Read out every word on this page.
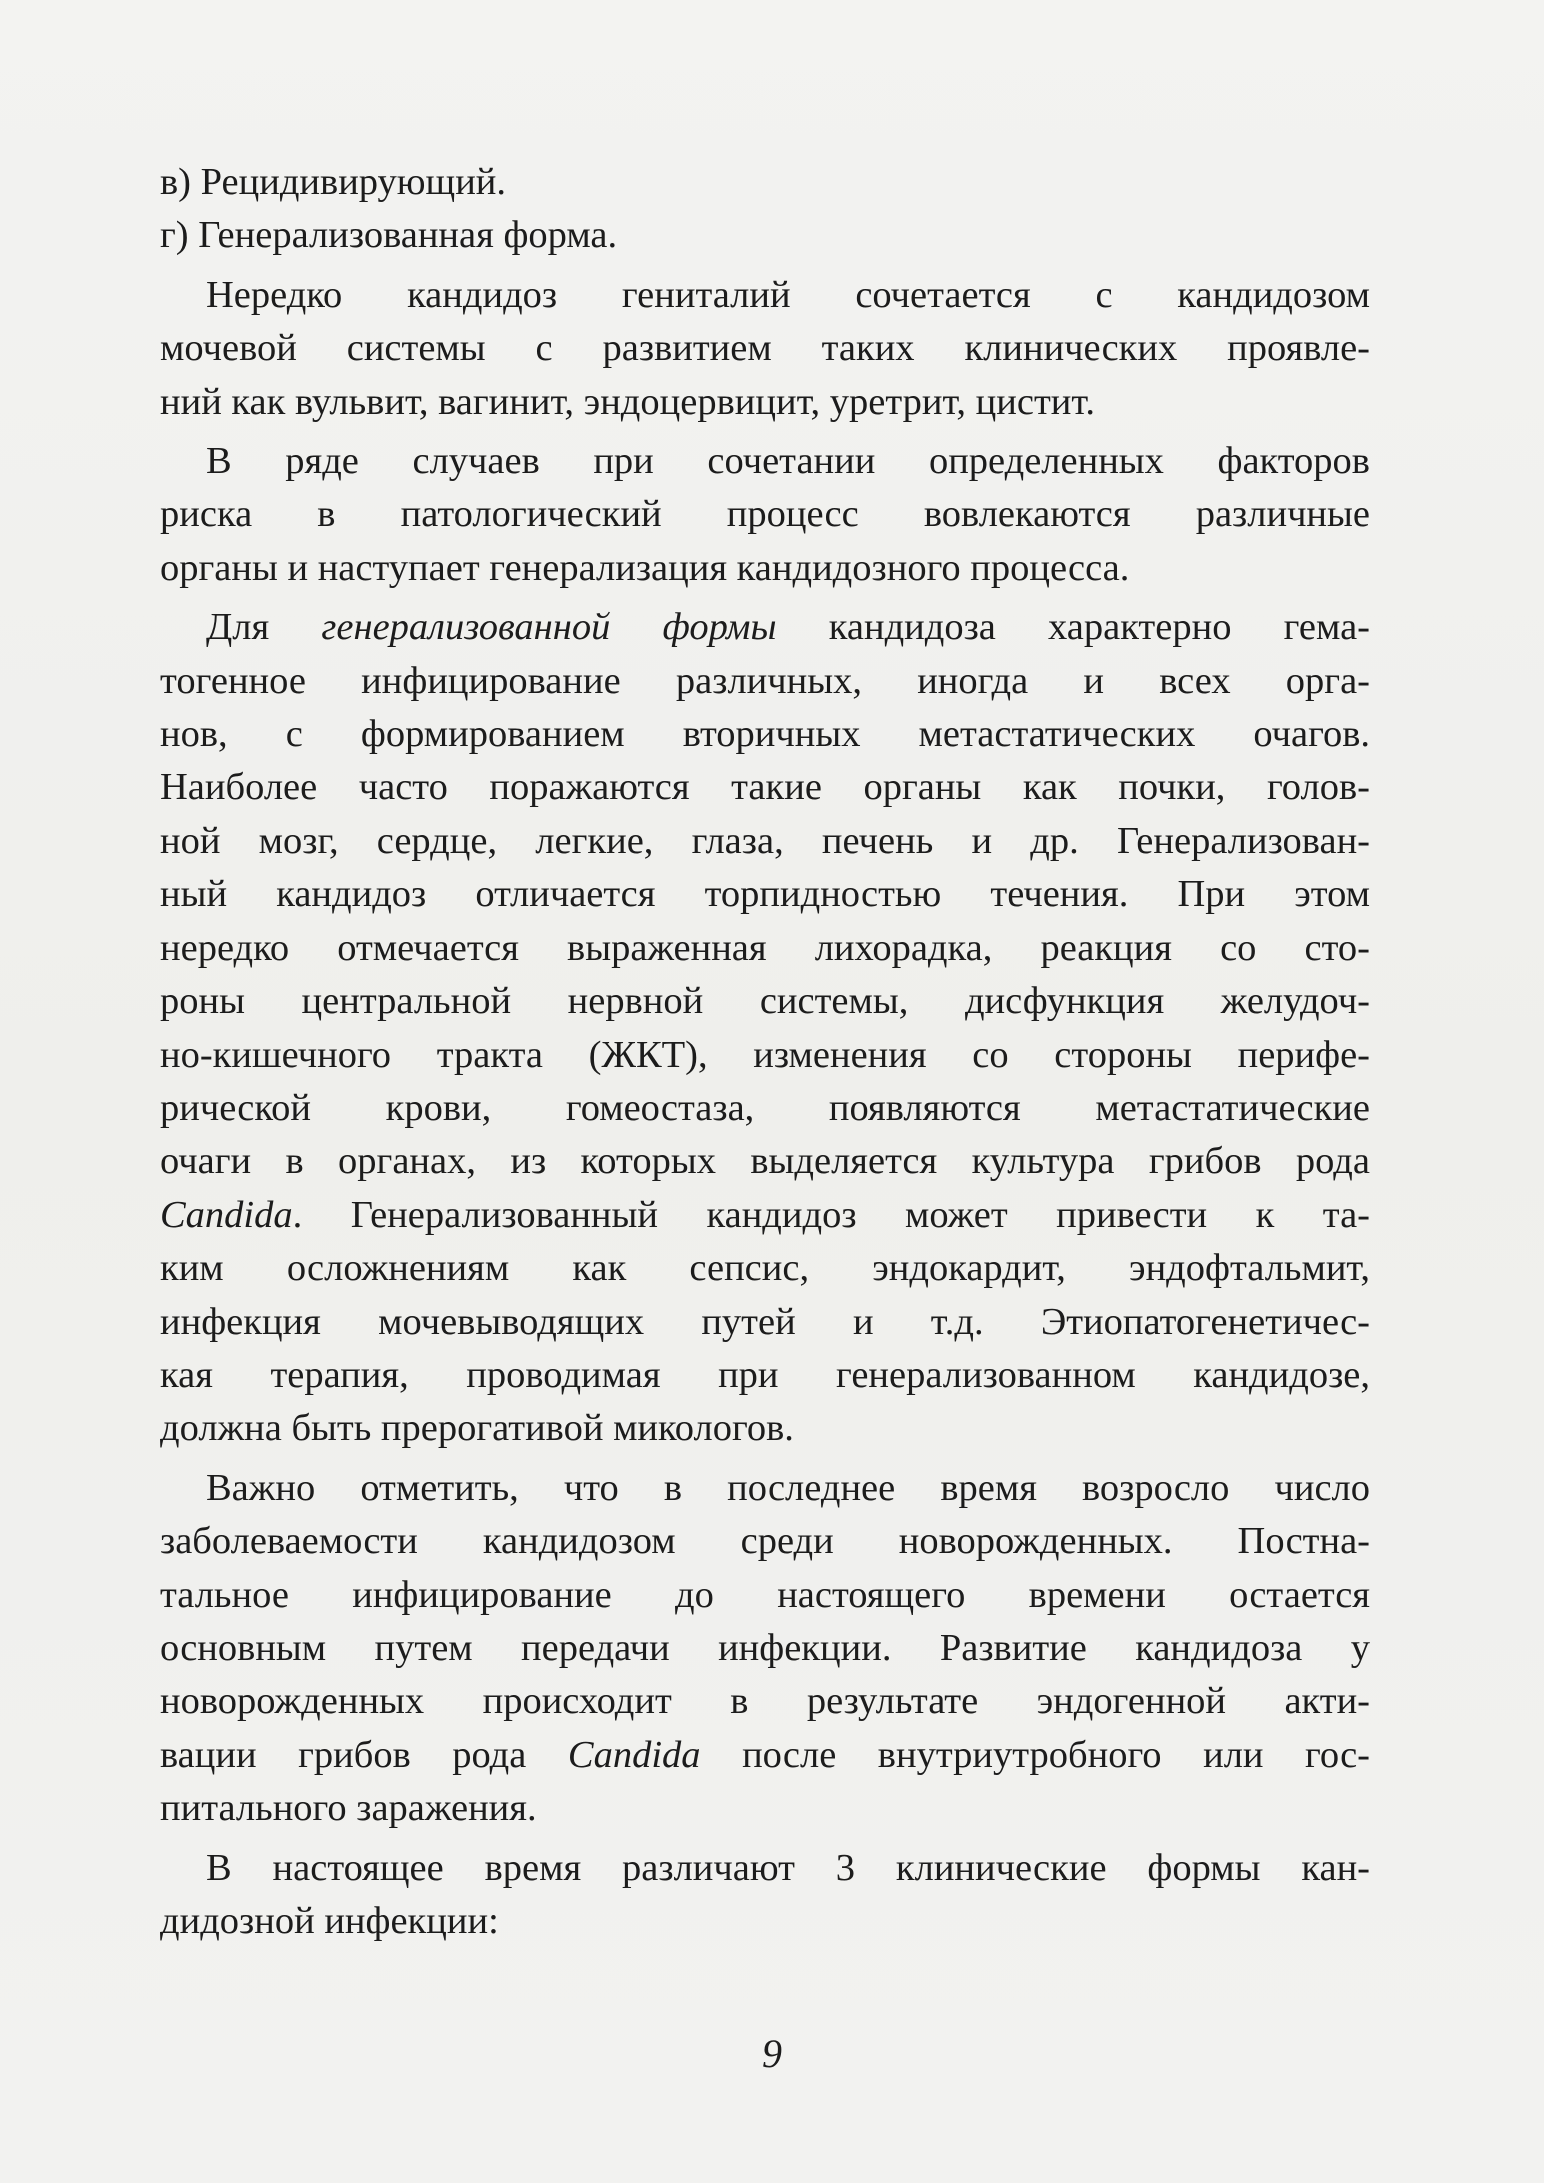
в) Рецидивирующий.
г) Генерализованная форма.
Нередко кандидоз гениталий сочетается с кандидозом
мочевой системы с развитием таких клинических проявле-
ний как вульвит, вагинит, эндоцервицит, уретрит, цистит.
В ряде случаев при сочетании определенных факторов
риска в патологический процесс вовлекаются различные
органы и наступает генерализация кандидозного процесса.
Для генерализованной формы кандидоза характерно гема-
тогенное инфицирование различных, иногда и всех орга-
нов, с формированием вторичных метастатических очагов.
Наиболее часто поражаются такие органы как почки, голов-
ной мозг, сердце, легкие, глаза, печень и др. Генерализован-
ный кандидоз отличается торпидностью течения. При этом
нередко отмечается выраженная лихорадка, реакция со сто-
роны центральной нервной системы, дисфункция желудоч-
но-кишечного тракта (ЖКТ), изменения со стороны перифе-
рической крови, гомеостаза, появляются метастатические
очаги в органах, из которых выделяется культура грибов рода
Candida. Генерализованный кандидоз может привести к та-
ким осложнениям как сепсис, эндокардит, эндофтальмит,
инфекция мочевыводящих путей и т.д. Этиопатогенетичес-
кая терапия, проводимая при генерализованном кандидозе,
должна быть прерогативой микологов.
Важно отметить, что в последнее время возросло число
заболеваемости кандидозом среди новорожденных. Постна-
тальное инфицирование до настоящего времени остается
основным путем передачи инфекции. Развитие кандидоза у
новорожденных происходит в результате эндогенной акти-
вации грибов рода Candida после внутриутробного или гос-
питального заражения.
В настоящее время различают 3 клинические формы кан-
дидозной инфекции:
9
